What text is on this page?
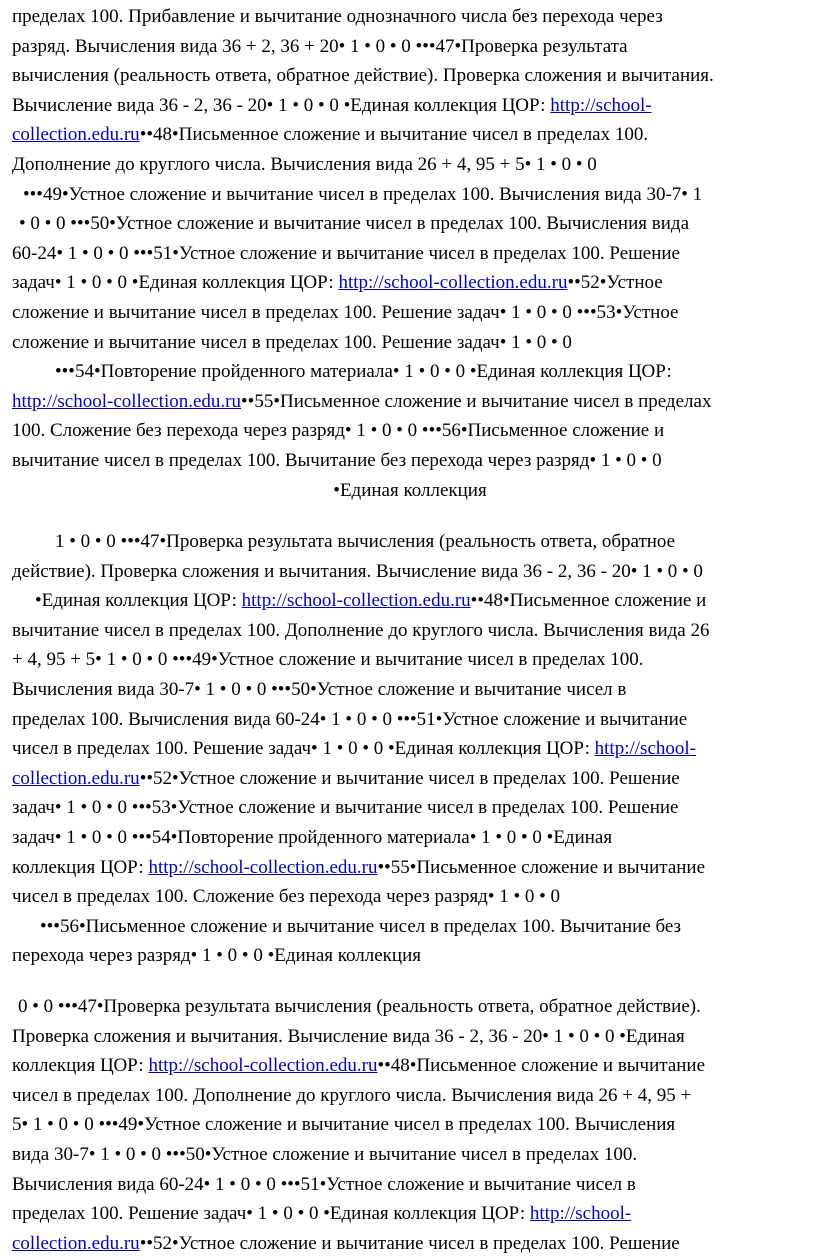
пределах 100. Прибавление и вычитание однозначного числа без перехода через
разряд. Вычисления вида 36 + 2, 36 + 20• 1 • 0 • 0 •••47•Проверка результата
вычисления (реальность ответа, обратное действие). Проверка сложения и вычитания.
Вычисление вида 36 - 2, 36 - 20• 1 • 0 • 0 •Единая коллекция ЦОР: http://school-
collection.edu.ru••48•Письменное сложение и вычитание чисел в пределах 100.
Дополнение до круглого числа. Вычисления вида 26 + 4, 95 + 5• 1 • 0 • 0
•••49•Устное сложение и вычитание чисел в пределах 100. Вычисления вида 30-7• 1
• 0 • 0 •••50•Устное сложение и вычитание чисел в пределах 100. Вычисления вида
60-24• 1 • 0 • 0 •••51•Устное сложение и вычитание чисел в пределах 100. Решение
задач• 1 • 0 • 0 •Единая коллекция ЦОР: http://school-collection.edu.ru••52•Устное
сложение и вычитание чисел в пределах 100. Решение задач• 1 • 0 • 0 •••53•Устное
сложение и вычитание чисел в пределах 100. Решение задач• 1 • 0 • 0
•••54•Повторение пройденного материала• 1 • 0 • 0 •Единая коллекция ЦОР:
http://school-collection.edu.ru••55•Письменное сложение и вычитание чисел в пределах
100. Сложение без перехода через разряд• 1 • 0 • 0 •••56•Письменное сложение и
вычитание чисел в пределах 100. Вычитание без перехода через разряд• 1 • 0 • 0
•Единая коллекция
1 • 0 • 0 •••47•Проверка результата вычисления (реальность ответа, обратное
действие). Проверка сложения и вычитания. Вычисление вида 36 - 2, 36 - 20• 1 • 0 • 0
•Единая коллекция ЦОР: http://school-collection.edu.ru••48•Письменное сложение и
вычитание чисел в пределах 100. Дополнение до круглого числа. Вычисления вида 26
+ 4, 95 + 5• 1 • 0 • 0 •••49•Устное сложение и вычитание чисел в пределах 100.
Вычисления вида 30-7• 1 • 0 • 0 •••50•Устное сложение и вычитание чисел в
пределах 100. Вычисления вида 60-24• 1 • 0 • 0 •••51•Устное сложение и вычитание
чисел в пределах 100. Решение задач• 1 • 0 • 0 •Единая коллекция ЦОР: http://school-
collection.edu.ru••52•Устное сложение и вычитание чисел в пределах 100. Решение
задач• 1 • 0 • 0 •••53•Устное сложение и вычитание чисел в пределах 100. Решение
задач• 1 • 0 • 0 •••54•Повторение пройденного материала• 1 • 0 • 0 •Единая
коллекция ЦОР: http://school-collection.edu.ru••55•Письменное сложение и вычитание
чисел в пределах 100. Сложение без перехода через разряд• 1 • 0 • 0
•••56•Письменное сложение и вычитание чисел в пределах 100. Вычитание без
перехода через разряд• 1 • 0 • 0 •Единая коллекция
0 • 0 •••47•Проверка результата вычисления (реальность ответа, обратное действие).
Проверка сложения и вычитания. Вычисление вида 36 - 2, 36 - 20• 1 • 0 • 0 •Единая
коллекция ЦОР: http://school-collection.edu.ru••48•Письменное сложение и вычитание
чисел в пределах 100. Дополнение до круглого числа. Вычисления вида 26 + 4, 95 +
5• 1 • 0 • 0 •••49•Устное сложение и вычитание чисел в пределах 100. Вычисления
вида 30-7• 1 • 0 • 0 •••50•Устное сложение и вычитание чисел в пределах 100.
Вычисления вида 60-24• 1 • 0 • 0 •••51•Устное сложение и вычитание чисел в
пределах 100. Решение задач• 1 • 0 • 0 •Единая коллекция ЦОР: http://school-
collection.edu.ru••52•Устное сложение и вычитание чисел в пределах 100. Решение
